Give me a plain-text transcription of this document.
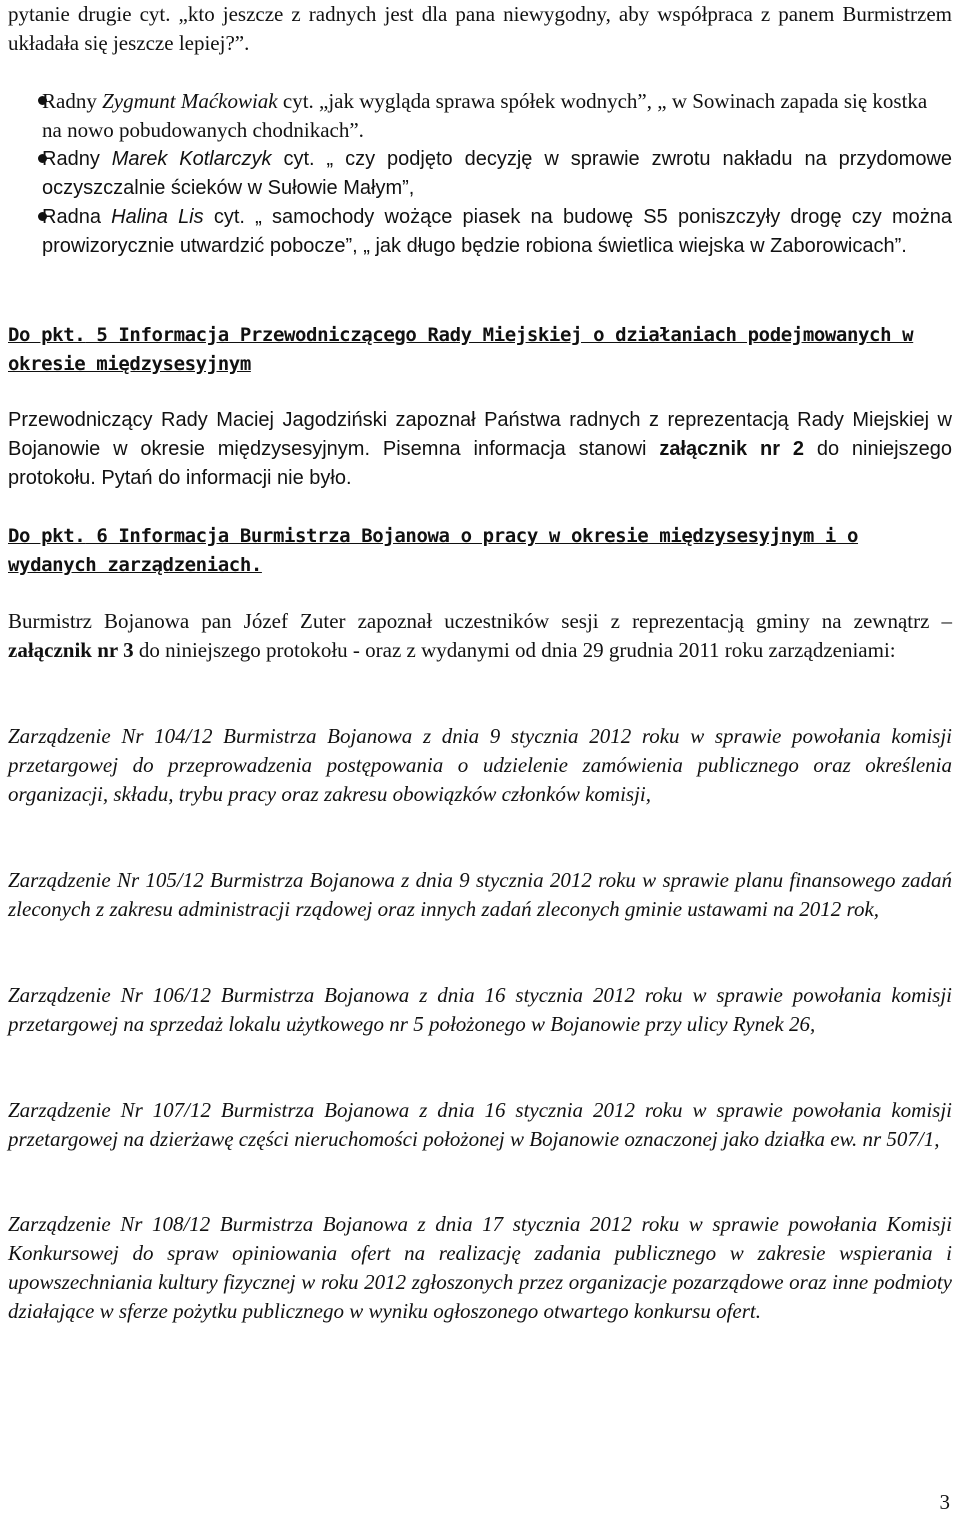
pytanie drugie cyt. „kto jeszcze z radnych jest dla pana niewygodny, aby współpraca z panem Burmistrzem układała się jeszcze lepiej?”.
Radny Zygmunt Maćkowiak cyt. „jak wygląda sprawa spółek wodnych”, „ w Sowinach zapada się kostka na nowo pobudowanych chodnikach”.
Radny Marek Kotlarczyk cyt. „ czy podjęto decyzję w sprawie zwrotu nakładu na przydomowe oczyszczalnie ścieków w Sułowie Małym”,
Radna Halina Lis cyt. „ samochody wożące piasek na budowę S5 poniszczyły drogę czy można prowizorycznie utwardzić pobocze”, „ jak długo będzie robiona świetlica wiejska w Zaborowicach”.
Do pkt. 5 Informacja Przewodniczącego Rady Miejskiej o działaniach podejmowanych w okresie międzysesyjnym
Przewodniczący Rady Maciej Jagodziński zapoznał Państwa radnych z reprezentacją Rady Miejskiej w Bojanowie w okresie międzysesyjnym. Pisemna informacja stanowi załącznik nr 2 do niniejszego protokołu. Pytań do informacji nie było.
Do pkt. 6 Informacja Burmistrza Bojanowa o pracy w okresie międzysesyjnym i o wydanych zarządzeniach.
Burmistrz Bojanowa pan Józef Zuter zapoznał uczestników sesji z reprezentacją gminy na zewnątrz – załącznik nr 3 do niniejszego protokołu - oraz z wydanymi od dnia 29 grudnia 2011 roku zarządzeniami:
Zarządzenie Nr 104/12 Burmistrza Bojanowa z dnia 9 stycznia 2012 roku w sprawie powołania komisji przetargowej do przeprowadzenia postępowania o udzielenie zamówienia publicznego oraz określenia organizacji, składu, trybu pracy oraz zakresu obowiązków członków komisji,
Zarządzenie Nr 105/12 Burmistrza Bojanowa z dnia 9 stycznia 2012 roku w sprawie planu finansowego zadań zleconych z zakresu administracji rządowej oraz innych zadań zleconych gminie ustawami na 2012 rok,
Zarządzenie Nr 106/12 Burmistrza Bojanowa z dnia 16 stycznia 2012 roku w sprawie powołania komisji przetargowej na sprzedaż lokalu użytkowego nr 5 położonego w Bojanowie przy ulicy Rynek 26,
Zarządzenie Nr 107/12 Burmistrza Bojanowa z dnia 16 stycznia 2012 roku w sprawie powołania komisji przetargowej na dzierżawę części nieruchomości położonej w Bojanowie oznaczonej jako działka ew. nr 507/1,
Zarządzenie Nr 108/12 Burmistrza Bojanowa z dnia 17 stycznia 2012 roku w sprawie powołania Komisji Konkursowej do spraw opiniowania ofert na realizację zadania publicznego w zakresie wspierania i upowszechniania kultury fizycznej w roku 2012 zgłoszonych przez organizacje pozarządowe oraz inne podmioty działające w sferze pożytku publicznego w wyniku ogłoszonego otwartego konkursu ofert.
3
